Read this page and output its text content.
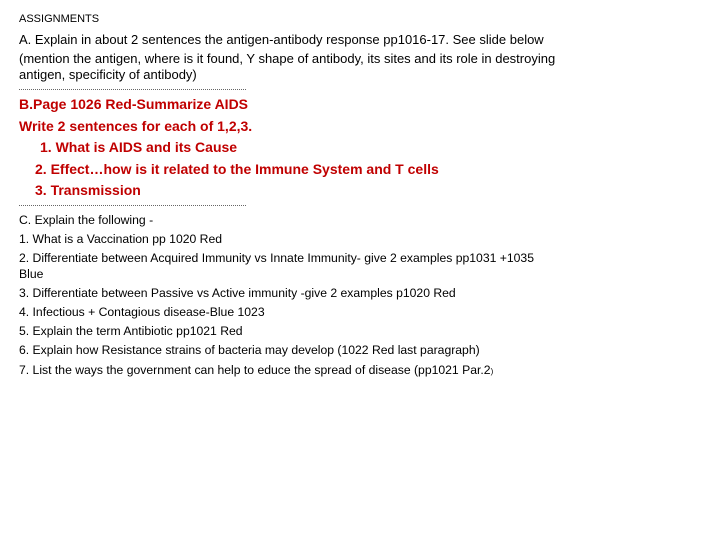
ASSIGNMENTS
A. Explain in about 2 sentences the antigen-antibody response pp1016-17. See slide below
(mention the antigen, where is it found, Y shape of antibody, its sites and its role in destroying
antigen, specificity of antibody)
B.Page 1026 Red-Summarize AIDS
Write 2 sentences for each of 1,2,3.
1. What is AIDS and its Cause
2. Effect…how is it related to the Immune System and T cells
3. Transmission
C. Explain the following -
1. What is a Vaccination pp 1020 Red
2. Differentiate between Acquired Immunity vs Innate Immunity- give 2 examples pp1031 +1035
Blue
3. Differentiate between Passive vs Active immunity -give 2 examples p1020 Red
4. Infectious + Contagious disease-Blue 1023
5. Explain the term Antibiotic pp1021 Red
6. Explain how Resistance strains of bacteria may develop (1022 Red last paragraph)
7. List the ways the government can help to educe the spread of disease (pp1021 Par.2)
